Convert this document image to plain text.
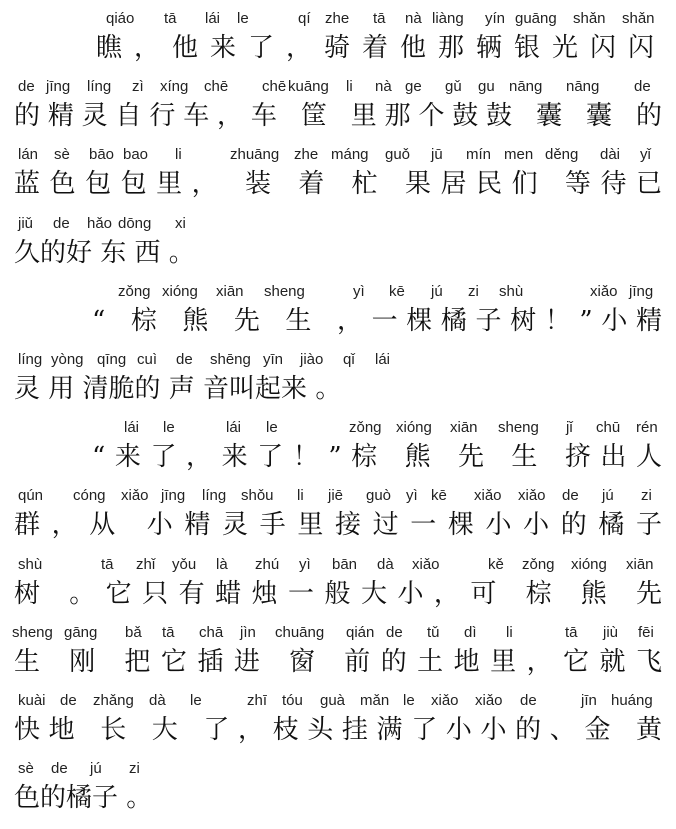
qiáo tā lái le	qí zhe tā nà liàng yín guāng shǎn shǎn
瞧，他来了，骑着他那辆银光闪闪
de jīng líng zì xíng chē chē kuāng li nà ge gǔ gu nāng nāng de
的精灵自行车，车 筐 里那个鼓鼓 囊 囊 的
lán sè bāo bao li	zhuāng zhe máng guǒ jū mín men děng dài yǐ
蓝色包包里， 装 着 杧 果居民们 等待已
jiǔ de hǎo dōng xi
久的好 东 西 。
zǒng xióng xiān sheng	yì kē jú zi shù	xiǎo jīng
“ 棕 熊 先 生 ，一棵橘子树！”小精
líng yòng qīng cuì de shēng yīn jiào qǐ lái
灵 用 清脆的 声 音叫起来 。
lái le	lái le	zǒng xióng xiān sheng jǐ chū rén
“来了，来了！”棕 熊 先 生 挤出人
qún cóng xiǎo jīng líng shǒu li jiē guò yì kē xiǎo xiǎo de jú zi
群，从 小精灵手里接过一棵小小的橘子
shù	tā zhǐ yǒu là zhú yì bān dà xiǎo	kě zǒng xióng xiān
树 。它只有蜡烛一般大小，可 棕 熊 先
sheng gāng bǎ tā chā jìn chuāng qián de tǔ dì li	tā jiù fēi
生 刚 把它插进 窗 前的土地里，它就飞
kuài de zhǎng dà le	zhī tóu guà mǎn le xiǎo xiǎo de	jīn huáng
快地 长 大 了，枝头挂满了小小的、金 黄
sè de jú zi
色的橘子 。
